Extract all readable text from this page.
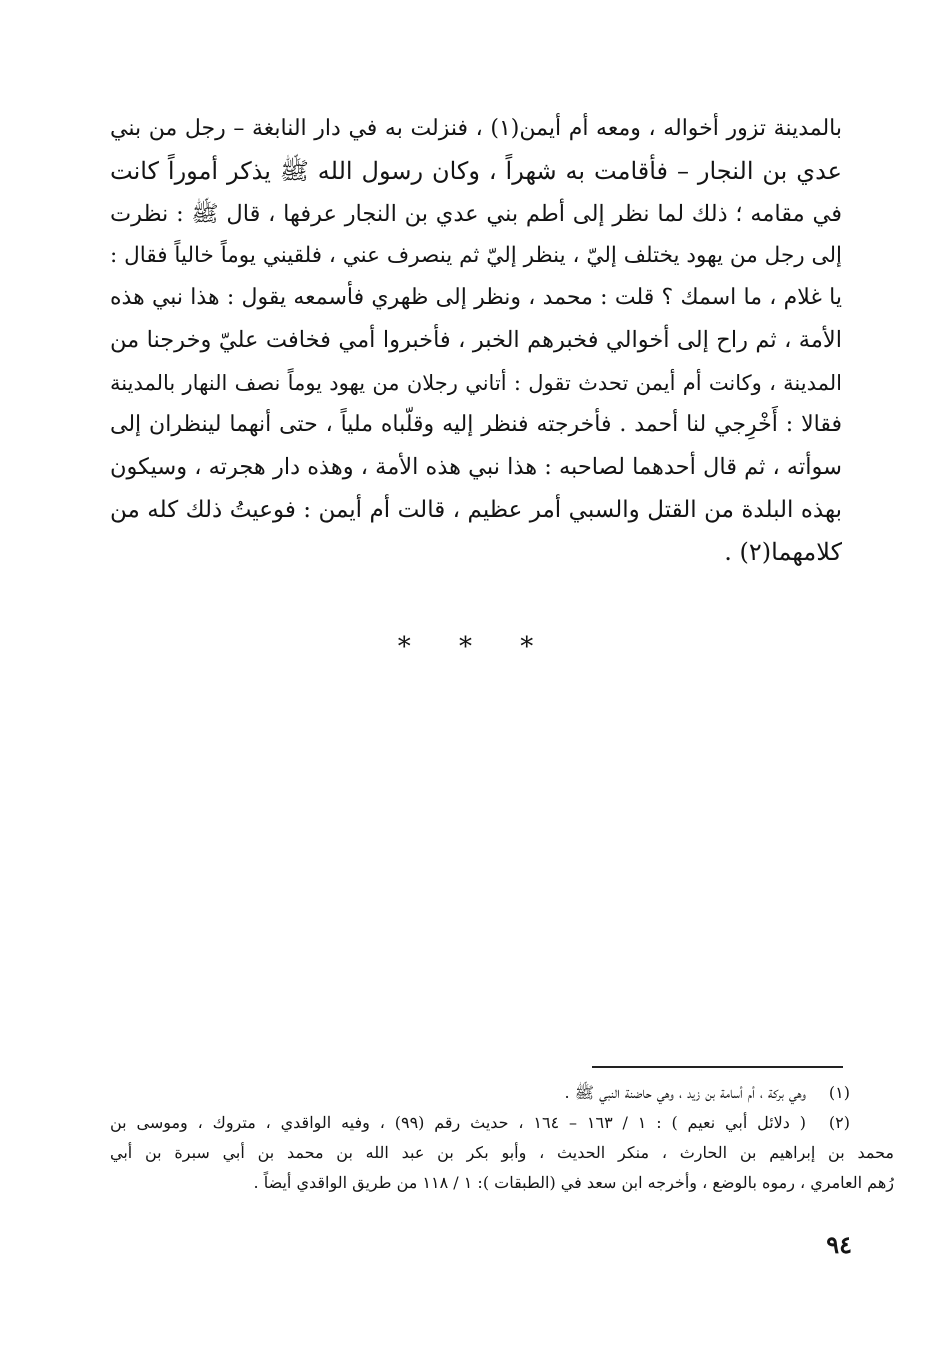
بالمدينة تزور أخواله ، ومعه أم أيمن(١) ، فنزلت به في دار النابغة – رجل من بني
عدي بن النجار – فأقامت به شهراً ، وكان رسول الله ﷺ يذكر أموراً كانت
في مقامه ؛ ذلك لما نظر إلى أطم بني عدي بن النجار عرفها ، قال ﷺ : نظرت
إلى رجل من يهود يختلف إليّ ، ينظر إليّ ثم ينصرف عني ، فلقيني يوماً خالياً فقال :
يا غلام ، ما اسمك ؟ قلت : محمد ، ونظر إلى ظهري فأسمعه يقول : هذا نبي هذه
الأمة ، ثم راح إلى أخوالي فخبرهم الخبر ، فأخبروا أمي فخافت عليّ وخرجنا من
المدينة ، وكانت أم أيمن تحدث تقول : أتاني رجلان من يهود يوماً نصف النهار بالمدينة
فقالا : أَخْرِجي لنا أحمد . فأخرجته فنظر إليه وقلّباه ملياً ، حتى أنهما لينظران إلى
سوأته ، ثم قال أحدهما لصاحبه : هذا نبي هذه الأمة ، وهذه دار هجرته ، وسيكون
بهذه البلدة من القتل والسبي أمر عظيم ، قالت أم أيمن : فوعيتُ ذلك كله من
كلامهما(٢) .
* * *
(١)
وهي بركة ، أم أسامة بن زيد ، وهي حاضنة النبي ﷺ .
(٢)
( دلائل أبي نعيم ) : ١ / ١٦٣ – ١٦٤ ، حديث رقم (٩٩) ، وفيه الواقدي ، متروك ، وموسى بن
محمد بن إبراهيم بن الحارث ، منكر الحديث ، وأبو بكر بن عبد الله بن محمد بن أبي سبرة بن أبي
رُهم العامري ، رموه بالوضع ، وأخرجه ابن سعد في (الطبقات ): ١ / ١١٨ من طريق الواقدي أيضاً .
٩٤
